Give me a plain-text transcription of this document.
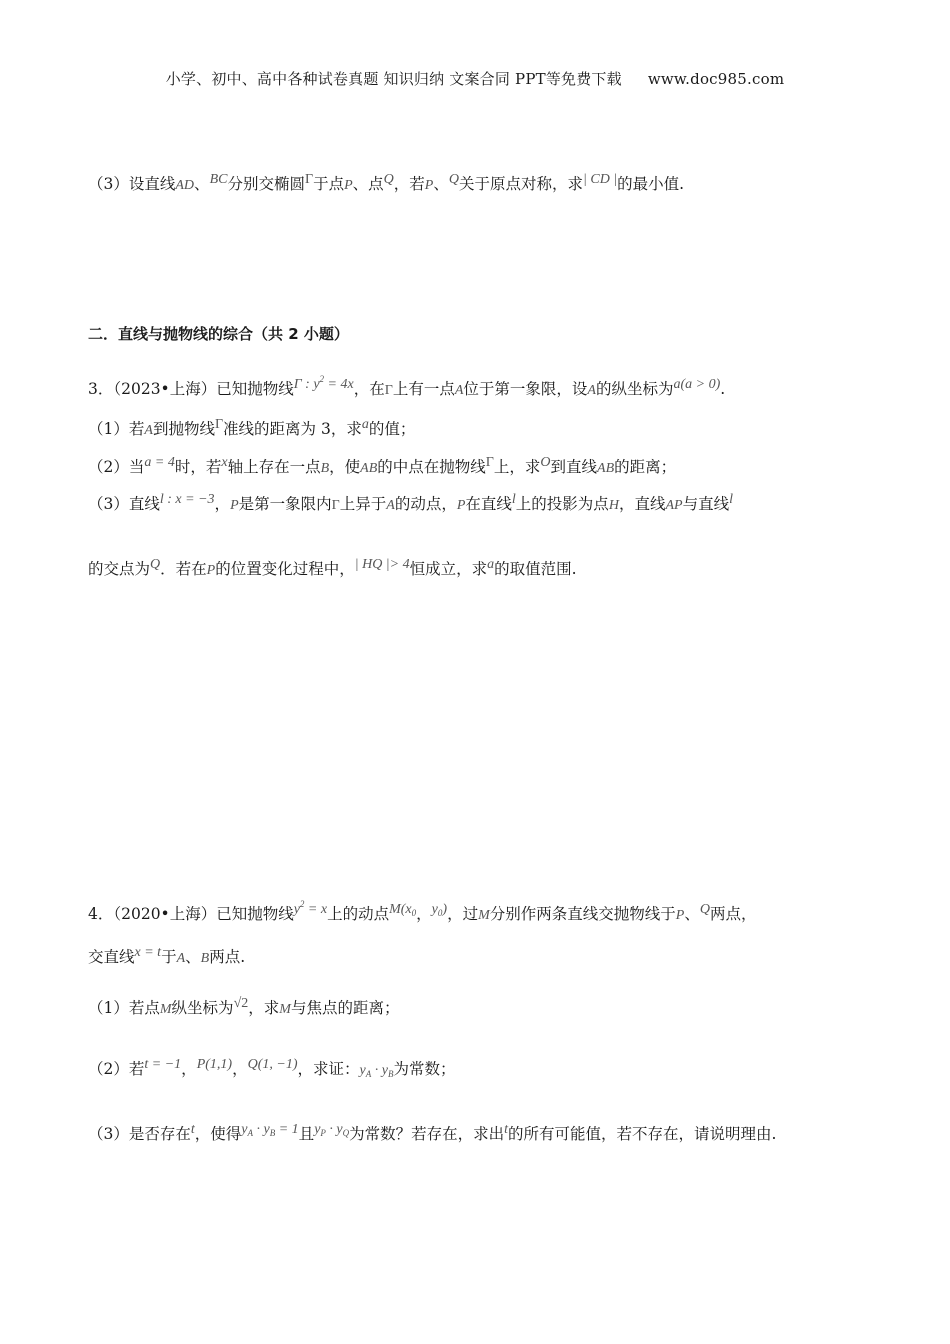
小学、初中、高中各种试卷真题 知识归纳 文案合同 PPT等免费下载 www.doc985.com
（3）设直线AD、BC分别交椭圆Γ于点P、点Q，若P、Q关于原点对称，求| CD |的最小值.
二．直线与抛物线的综合（共 2 小题）
3．（2023•上海）已知抛物线Γ : $y^2 = 4x$，在Γ上有一点A位于第一象限，设A的纵坐标为a(a > 0).
（1）若A到抛物线Γ准线的距离为 3，求a的值；
（2）当a = 4时，若x轴上存在一点B，使AB的中点在抛物线Γ上，求O到直线AB的距离；
（3）直线l : x = −3，P是第一象限内Γ上异于A的动点，P在直线l上的投影为点H，直线AP与直线l
的交点为Q．若在P的位置变化过程中，| HQ |> 4恒成立，求a的取值范围.
4．（2020•上海）已知抛物线$y^2 = x$上的动点$M(x_0$，$y_0$)，过M分别作两条直线交抛物线于P、Q两点，
交直线x = t于A、B两点.
（1）若点M纵坐标为√2，求M与焦点的距离；
（2）若t = −1，P(1,1)，Q(1, −1)，求证：$y_A \cdot y_B$为常数；
（3）是否存在t，使得$y_A \cdot y_B = 1$且$y_P \cdot y_Q$为常数？若存在，求出t的所有可能值，若不存在，请说明理由.
